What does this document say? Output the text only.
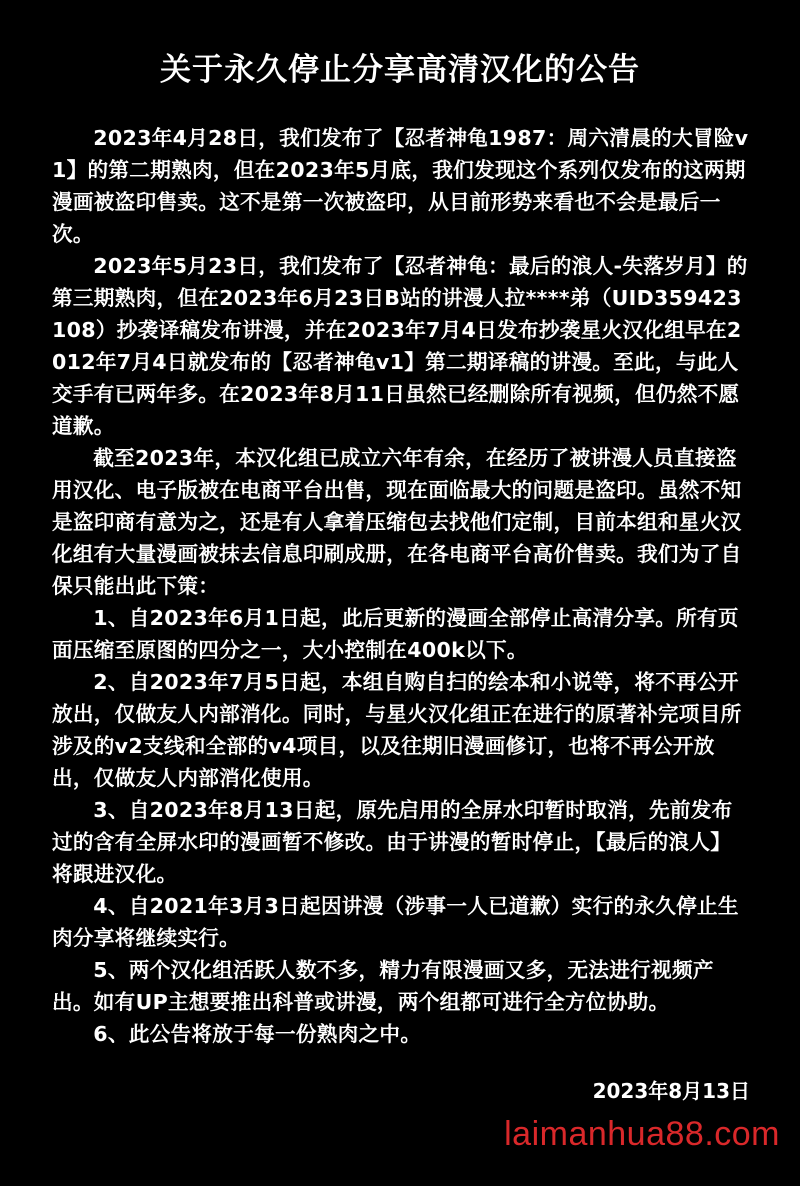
关于永久停止分享高清汉化的公告

2023年4月28日，我们发布了【忍者神龟1987：周六清晨的大冒险v1】的第二期熟肉，但在2023年5月底，我们发现这个系列仅发布的这两期漫画被盗印售卖。这不是第一次被盗印，从目前形势来看也不会是最后一次。

2023年5月23日，我们发布了【忍者神龟：最后的浪人-失落岁月】的第三期熟肉，但在2023年6月23日B站的讲漫人拉****弟（UID359423108）抄袭译稿发布讲漫，并在2023年7月4日发布抄袭星火汉化组早在2012年7月4日就发布的【忍者神龟v1】第二期译稿的讲漫。至此，与此人交手有已两年多。在2023年8月11日虽然已经删除所有视频，但仍然不愿道歉。

截至2023年，本汉化组已成立六年有余，在经历了被讲漫人员直接盗用汉化、电子版被在电商平台出售，现在面临最大的问题是盗印。虽然不知是盗印商有意为之，还是有人拿着压缩包去找他们定制，目前本组和星火汉化组有大量漫画被抹去信息印刷成册，在各电商平台高价售卖。我们为了自保只能出此下策：

1、自2023年6月1日起，此后更新的漫画全部停止高清分享。所有页面压缩至原图的四分之一，大小控制在400k以下。

2、自2023年7月5日起，本组自购自扫的绘本和小说等，将不再公开放出，仅做友人内部消化。同时，与星火汉化组正在进行的原著补完项目所涉及的v2支线和全部的v4项目，以及往期旧漫画修订，也将不再公开放出，仅做友人内部消化使用。

3、自2023年8月13日起，原先启用的全屏水印暂时取消，先前发布过的含有全屏水印的漫画暂不修改。由于讲漫的暂时停止，【最后的浪人】将跟进汉化。

4、自2021年3月3日起因讲漫（涉事一人已道歉）实行的永久停止生肉分享将继续实行。

5、两个汉化组活跃人数不多，精力有限漫画又多，无法进行视频产出。如有UP主想要推出科普或讲漫，两个组都可进行全方位协助。

6、此公告将放于每一份熟肉之中。

2023年8月13日
laimanhua88.com
